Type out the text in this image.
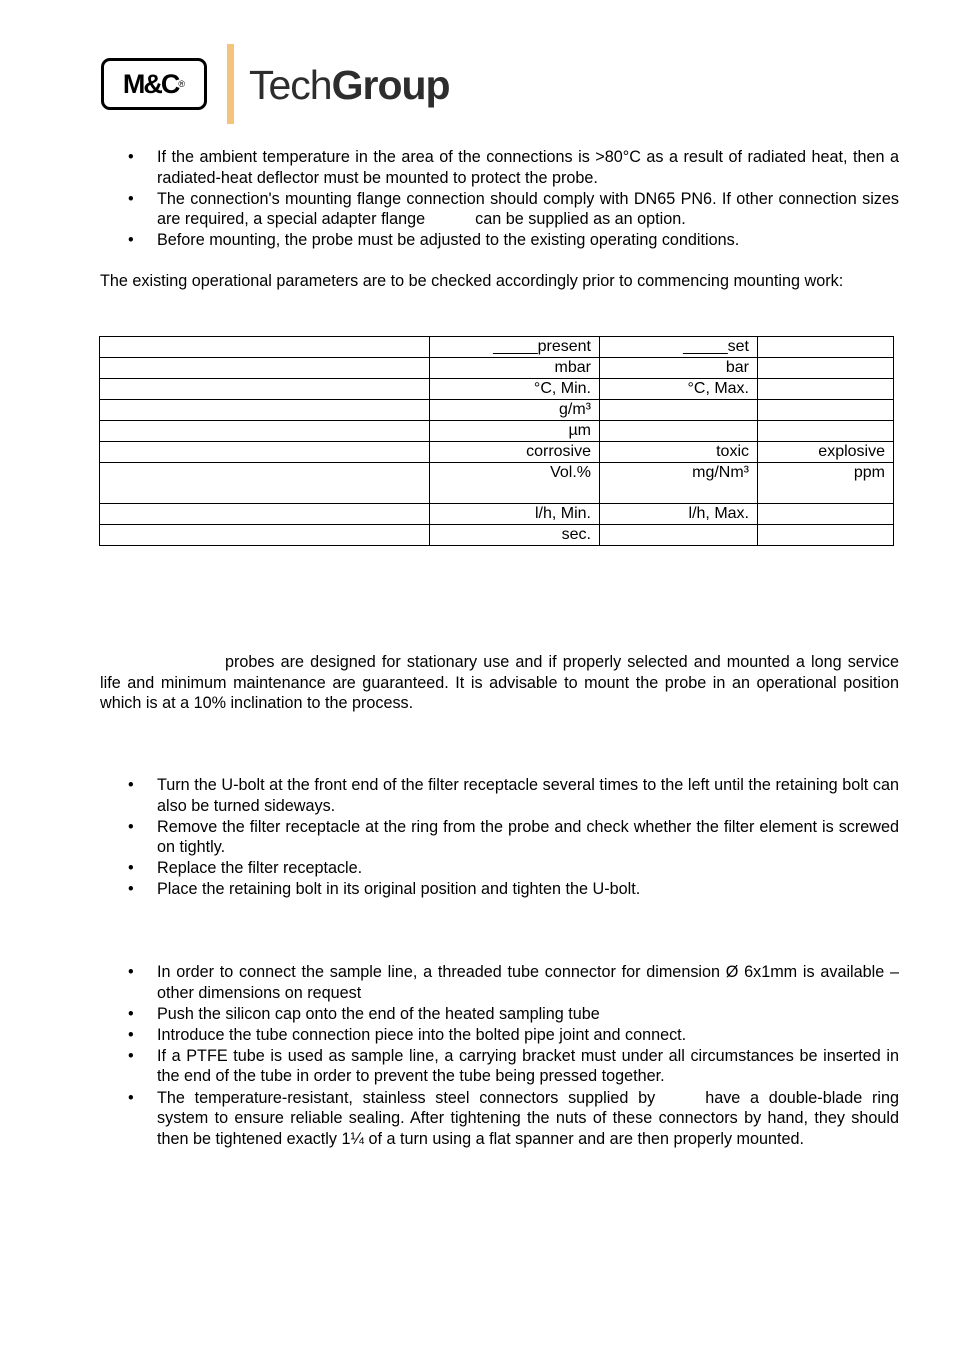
M&C ® TechGroup
• If the ambient temperature in the area of the connections is >80°C as a result of radiated heat, then a radiated-heat deflector must be mounted to protect the probe.
• The connection's mounting flange connection should comply with DN65 PN6. If other connection sizes are required, a special adapter flange	can be supplied as an option.
• Before mounting, the probe must be adjusted to the existing operating conditions.

The existing operational parameters are to be checked accordingly prior to commencing mounting work:

	_____present	_____set	
	mbar	bar	
	°C, Min.	°C, Max.	
	g/m³		
	µm		
	corrosive	toxic	explosive
	Vol.%	mg/Nm³	ppm
	l/h, Min.	l/h, Max.	
	sec.		

probes are designed for stationary use and if properly selected and mounted a long service life and minimum maintenance are guaranteed. It is advisable to mount the probe in an operational position which is at a 10% inclination to the process.

• Turn the U-bolt at the front end of the filter receptacle several times to the left until the retaining bolt can also be turned sideways.
• Remove the filter receptacle at the ring from the probe and check whether the filter element is screwed on tightly.
• Replace the filter receptacle.
• Place the retaining bolt in its original position and tighten the U-bolt.
• In order to connect the sample line, a threaded tube connector for dimension Ø 6x1mm is available – other dimensions on request
• Push the silicon cap onto the end of the heated sampling tube
• Introduce the tube connection piece into the bolted pipe joint and connect.
• If a PTFE tube is used as sample line, a carrying bracket must under all circumstances be inserted in the end of the tube in order to prevent the tube being pressed together.
• The temperature-resistant, stainless steel connectors supplied by	have a double-blade ring system to ensure reliable sealing. After tightening the nuts of these connectors by hand, they should then be tightened exactly 1¼ of a turn using a flat spanner and are then properly mounted.
